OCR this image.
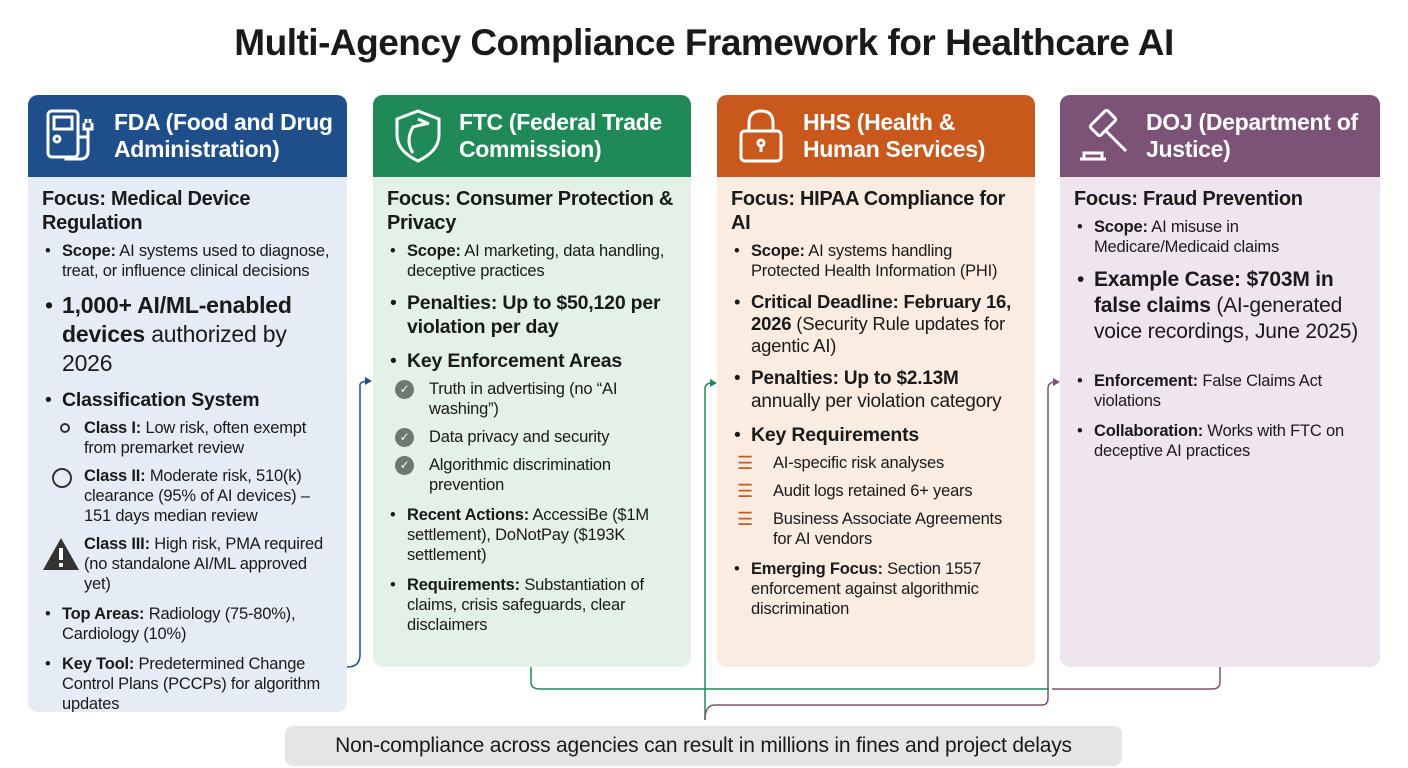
Multi-Agency Compliance Framework for Healthcare AI
FDA (Food and Drug Administration)
Focus: Medical Device Regulation
• Scope: AI systems used to diagnose, treat, or influence clinical decisions
• 1,000+ AI/ML-enabled devices authorized by 2026
• Classification System
Class I: Low risk, often exempt from premarket review
Class II: Moderate risk, 510(k) clearance (95% of AI devices) – 151 days median review
Class III: High risk, PMA required (no standalone AI/ML approved yet)
• Top Areas: Radiology (75-80%), Cardiology (10%)
• Key Tool: Predetermined Change Control Plans (PCCPs) for algorithm updates
FTC (Federal Trade Commission)
Focus: Consumer Protection & Privacy
• Scope: AI marketing, data handling, deceptive practices
• Penalties: Up to $50,120 per violation per day
• Key Enforcement Areas
✓ Truth in advertising (no “AI washing”)
✓ Data privacy and security
✓ Algorithmic discrimination prevention
• Recent Actions: AccessiBe ($1M settlement), DoNotPay ($193K settlement)
• Requirements: Substantiation of claims, crisis safeguards, clear disclaimers
HHS (Health & Human Services)
Focus: HIPAA Compliance for AI
• Scope: AI systems handling Protected Health Information (PHI)
• Critical Deadline: February 16, 2026 (Security Rule updates for agentic AI)
• Penalties: Up to $2.13M annually per violation category
• Key Requirements
☰ AI-specific risk analyses
☰ Audit logs retained 6+ years
☰ Business Associate Agreements for AI vendors
• Emerging Focus: Section 1557 enforcement against algorithmic discrimination
DOJ (Department of Justice)
Focus: Fraud Prevention
• Scope: AI misuse in Medicare/Medicaid claims
• Example Case: $703M in false claims (AI-generated voice recordings, June 2025)
• Enforcement: False Claims Act violations
• Collaboration: Works with FTC on deceptive AI practices
Non-compliance across agencies can result in millions in fines and project delays
